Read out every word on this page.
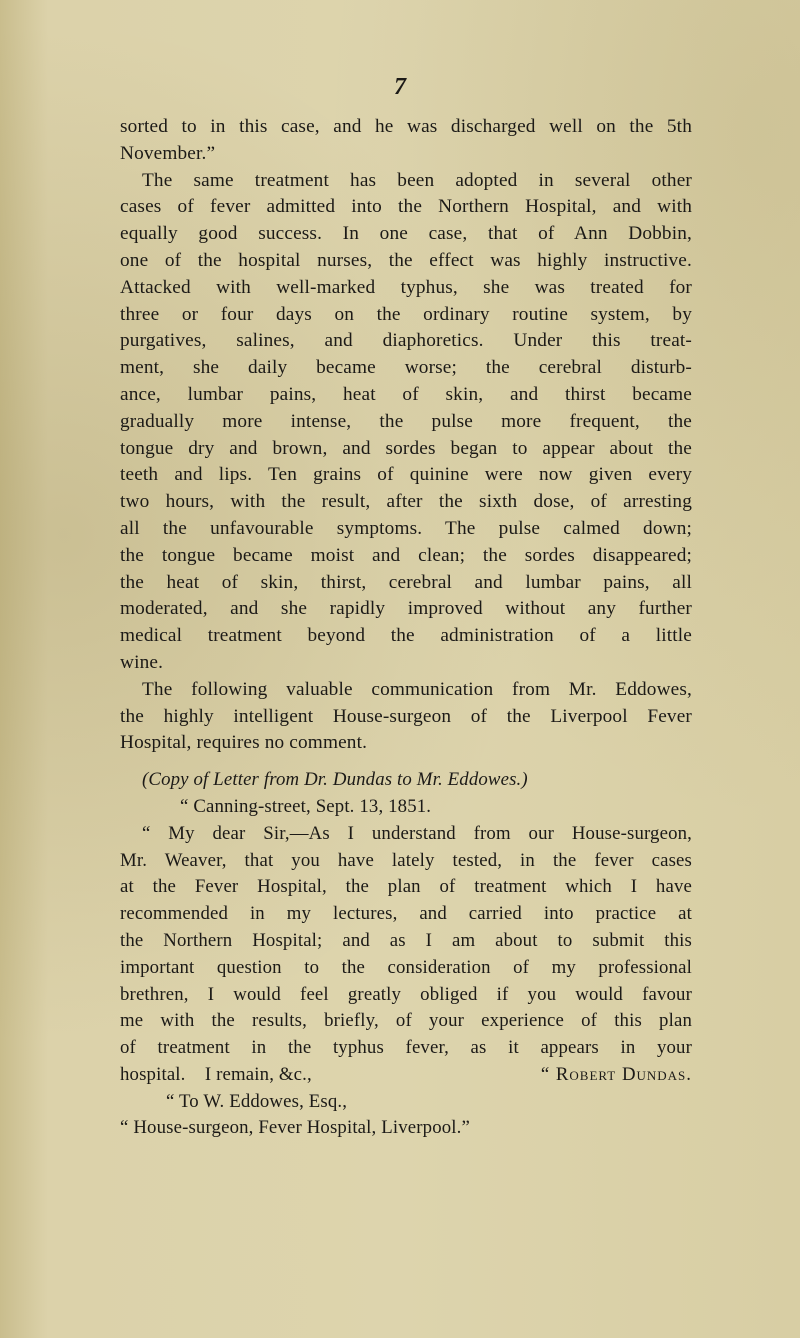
7
sorted to in this case, and he was discharged well on the 5th
November.”
The same treatment has been adopted in several other
cases of fever admitted into the Northern Hospital, and with
equally good success. In one case, that of Ann Dobbin,
one of the hospital nurses, the effect was highly instructive.
Attacked with well-marked typhus, she was treated for
three or four days on the ordinary routine system, by
purgatives, salines, and diaphoretics. Under this treat-
ment, she daily became worse; the cerebral disturb-
ance, lumbar pains, heat of skin, and thirst became
gradually more intense, the pulse more frequent, the
tongue dry and brown, and sordes began to appear about the
teeth and lips. Ten grains of quinine were now given every
two hours, with the result, after the sixth dose, of arresting
all the unfavourable symptoms. The pulse calmed down;
the tongue became moist and clean; the sordes disappeared;
the heat of skin, thirst, cerebral and lumbar pains, all
moderated, and she rapidly improved without any further
medical treatment beyond the administration of a little
wine.
The following valuable communication from Mr. Eddowes,
the highly intelligent House-surgeon of the Liverpool Fever
Hospital, requires no comment.
(Copy of Letter from Dr. Dundas to Mr. Eddowes.)
“ Canning-street, Sept. 13, 1851.
“ My dear Sir,—As I understand from our House-surgeon,
Mr. Weaver, that you have lately tested, in the fever cases
at the Fever Hospital, the plan of treatment which I have
recommended in my lectures, and carried into practice at
the Northern Hospital; and as I am about to submit this
important question to the consideration of my professional
brethren, I would feel greatly obliged if you would favour
me with the results, briefly, of your experience of this plan
of treatment in the typhus fever, as it appears in your
hospital.    I remain, &c.,	“ Robert Dundas.
“ To W. Eddowes, Esq.,
“ House-surgeon, Fever Hospital, Liverpool.”
